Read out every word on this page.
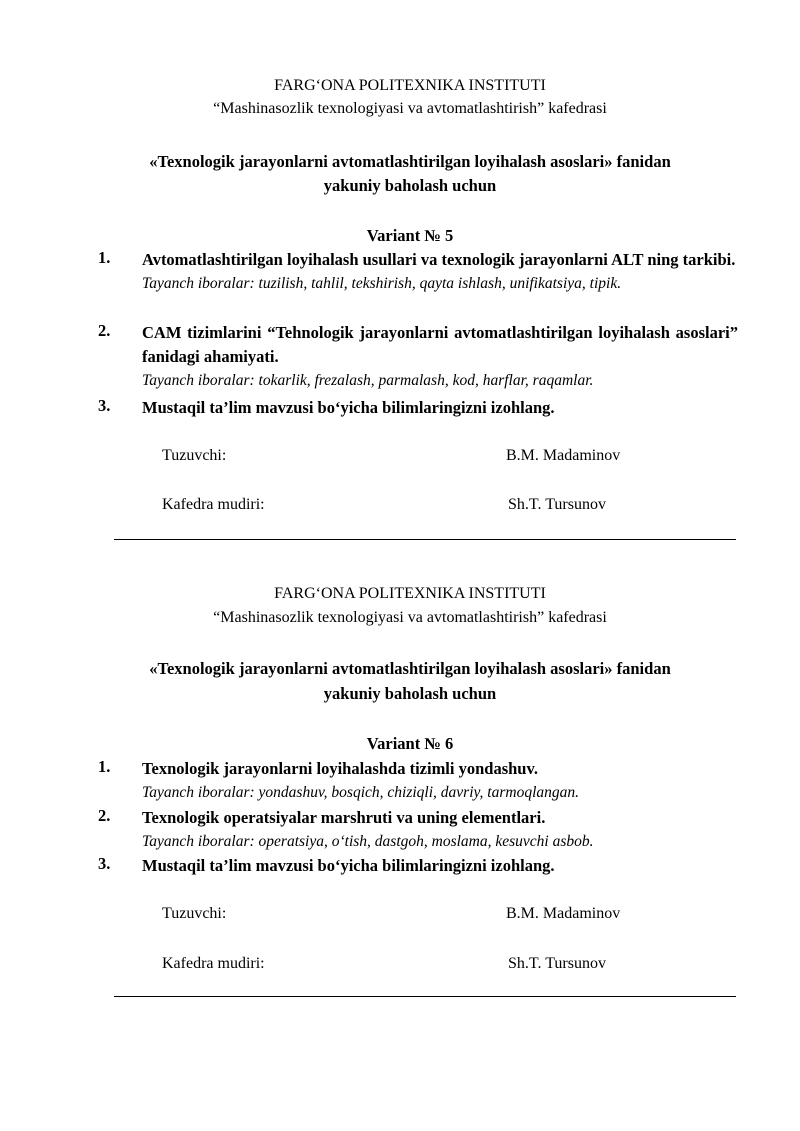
FARG‘ONA POLITEXNIKA INSTITUTI
“Mashinasozlik texnologiyasi va avtomatlashtirish” kafedrasi
«Texnologik jarayonlarni avtomatlashtirilgan loyihalash asoslari» fanidan
yakuniy baholash uchun
Variant № 5
1. Avtomatlashtirilgan loyihalash usullari va texnologik jarayonlarni ALT ning tarkibi.
Tayanch iboralar: tuzilish, tahlil, tekshirish, qayta ishlash, unifikatsiya, tipik.
2. CAM tizimlarini “Tehnologik jarayonlarni avtomatlashtirilgan loyihalash asoslari” fanidagi ahamiyati.
Tayanch iboralar: tokarlik, frezalash, parmalash, kod, harflar, raqamlar.
3. Mustaqil ta’lim mavzusi bo‘yicha bilimlaringizni izohlang.
Tuzuvchi:	B.M. Madaminov
Kafedra mudiri:	Sh.T. Tursunov
FARG‘ONA POLITEXNIKA INSTITUTI
“Mashinasozlik texnologiyasi va avtomatlashtirish” kafedrasi
«Texnologik jarayonlarni avtomatlashtirilgan loyihalash asoslari» fanidan
yakuniy baholash uchun
Variant № 6
1. Texnologik jarayonlarni loyihalashda tizimli yondashuv.
Tayanch iboralar: yondashuv, bosqich, chiziqli, davriy, tarmoqlangan.
2. Texnologik operatsiyalar marshruti va uning elementlari.
Tayanch iboralar: operatsiya, o‘tish, dastgoh, moslama, kesuvchi asbob.
3. Mustaqil ta’lim mavzusi bo‘yicha bilimlaringizni izohlang.
Tuzuvchi:	B.M. Madaminov
Kafedra mudiri:	Sh.T. Tursunov
